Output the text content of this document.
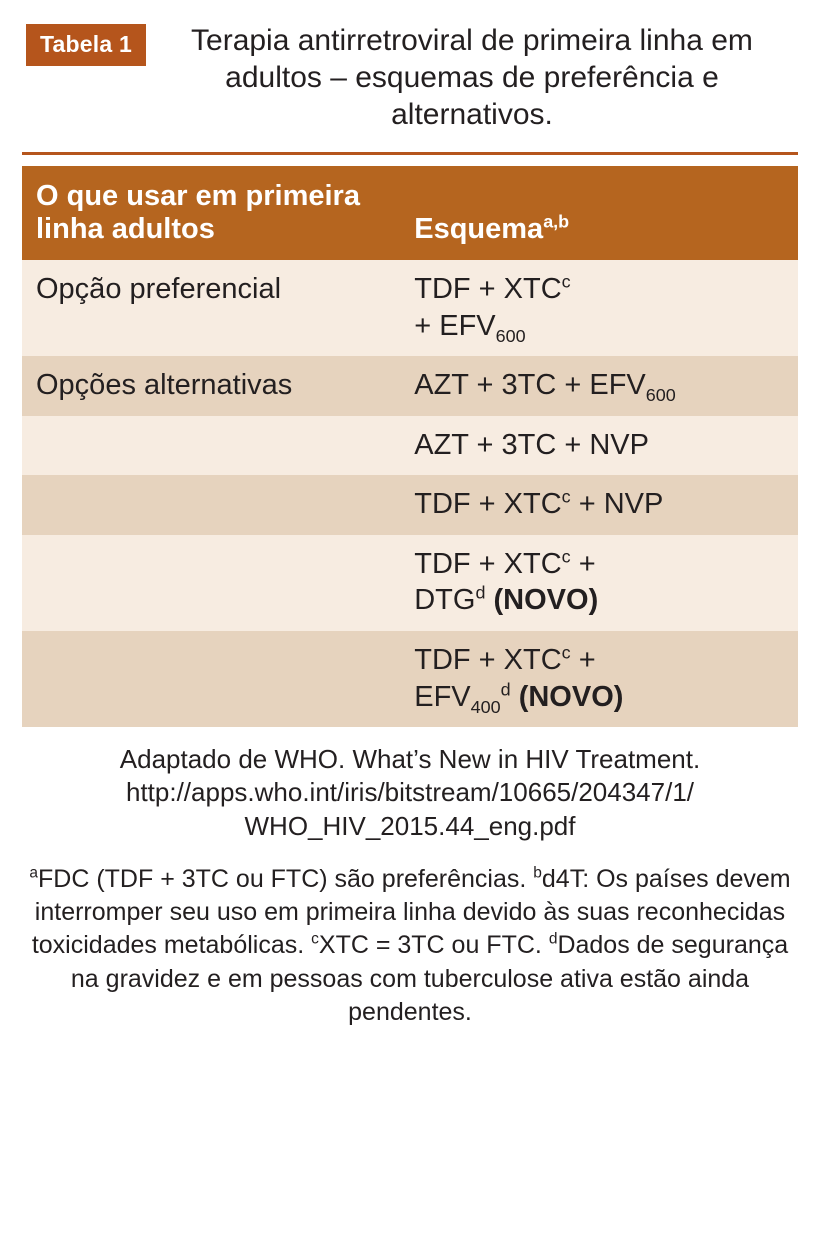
Tabela 1	Terapia antirretroviral de primeira linha em adultos – esquemas de preferência e alternativos.
O que usar em primeira linha adultos	Esquema$^{a,b}$
Opção preferencial	TDF + $XTC^c$
+ $EFV_{600}$
Opções alternativas	AZT + $3TC + EFV_{600}$
	AZT + 3TC + NVP
	TDF + $XTC^c$ + NVP
	TDF + $XTC^c$ +
$DTG^d$ (NOVO)
	TDF + $XTC^c$ +
$EFV_{400}^d$ (NOVO)
Adaptado de WHO. What’s New in HIV Treatment.
http://apps.who.int/iris/bitstream/10665/204347/1/
WHO_HIV_2015.44_eng.pdf
$^a$FDC (TDF + 3TC ou FTC) são preferências. $^b$d4T: Os países devem interromper seu uso em primeira linha devido às suas reconhecidas toxicidades metabólicas. $^c$XTC = 3TC ou FTC. $^d$Dados de segurança na gravidez e em pessoas com tuberculose ativa estão ainda pendentes.
